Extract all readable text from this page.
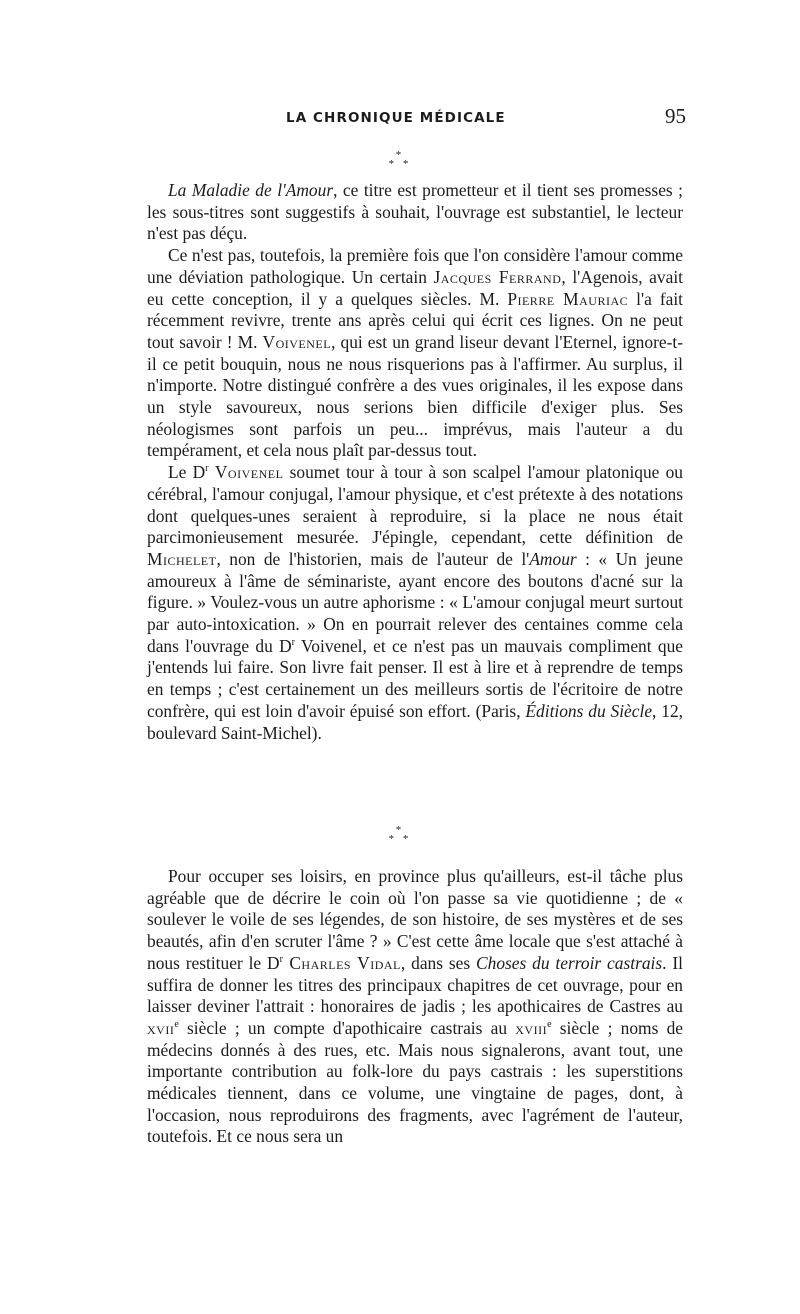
LA CHRONIQUE MÉDICALE	95
*
* *

La Maladie de l'Amour, ce titre est prometteur et il tient ses promesses ; les sous-titres sont suggestifs à souhait, l'ouvrage est substantiel, le lecteur n'est pas déçu.

Ce n'est pas, toutefois, la première fois que l'on considère l'amour comme une déviation pathologique. Un certain Jacques Ferrand, l'Agenois, avait eu cette conception, il y a quelques siècles. M. Pierre Mauriac l'a fait récemment revivre, trente ans après celui qui écrit ces lignes. On ne peut tout savoir ! M. Voivenel, qui est un grand liseur devant l'Eternel, ignore-t-il ce petit bouquin, nous ne nous risquerions pas à l'affirmer. Au surplus, il n'importe. Notre distingué confrère a des vues originales, il les expose dans un style savoureux, nous serions bien difficile d'exiger plus. Ses néologismes sont parfois un peu... imprévus, mais l'auteur a du tempérament, et cela nous plaît par-dessus tout.

Le $D^r$ Voivenel soumet tour à tour à son scalpel l'amour platonique ou cérébral, l'amour conjugal, l'amour physique, et c'est prétexte à des notations dont quelques-unes seraient à reproduire, si la place ne nous était parcimonieusement mesurée. J'épingle, cependant, cette définition de Michelet, non de l'historien, mais de l'auteur de l'Amour : « Un jeune amoureux à l'âme de séminariste, ayant encore des boutons d'acné sur la figure. » Voulez-vous un autre aphorisme : « L'amour conjugal meurt surtout par auto-intoxication. » On en pourrait relever des centaines comme cela dans l'ouvrage du $D^r$ Voivenel, et ce n'est pas un mauvais compliment que j'entends lui faire. Son livre fait penser. Il est à lire et à reprendre de temps en temps ; c'est certainement un des meilleurs sortis de l'écritoire de notre confrère, qui est loin d'avoir épuisé son effort. (Paris, Éditions du Siècle, 12, boulevard Saint-Michel).

*
* *

Pour occuper ses loisirs, en province plus qu'ailleurs, est-il tâche plus agréable que de décrire le coin où l'on passe sa vie quotidienne ; de « soulever le voile de ses légendes, de son histoire, de ses mystères et de ses beautés, afin d'en scruter l'âme ? » C'est cette âme locale que s'est attaché à nous restituer le $D^r$ Charles Vidal, dans ses Choses du terroir castrais. Il suffira de donner les titres des principaux chapitres de cet ouvrage, pour en laisser deviner l'attrait : honoraires de jadis ; les apothicaires de Castres au xvii$^e$ siècle ; un compte d'apothicaire castrais au xviii$^e$ siècle ; noms de médecins donnés à des rues, etc. Mais nous signalerons, avant tout, une importante contribution au folk-lore du pays castrais : les superstitions médicales tiennent, dans ce volume, une vingtaine de pages, dont, à l'occasion, nous reproduirons des fragments, avec l'agrément de l'auteur, toutefois. Et ce nous sera un
